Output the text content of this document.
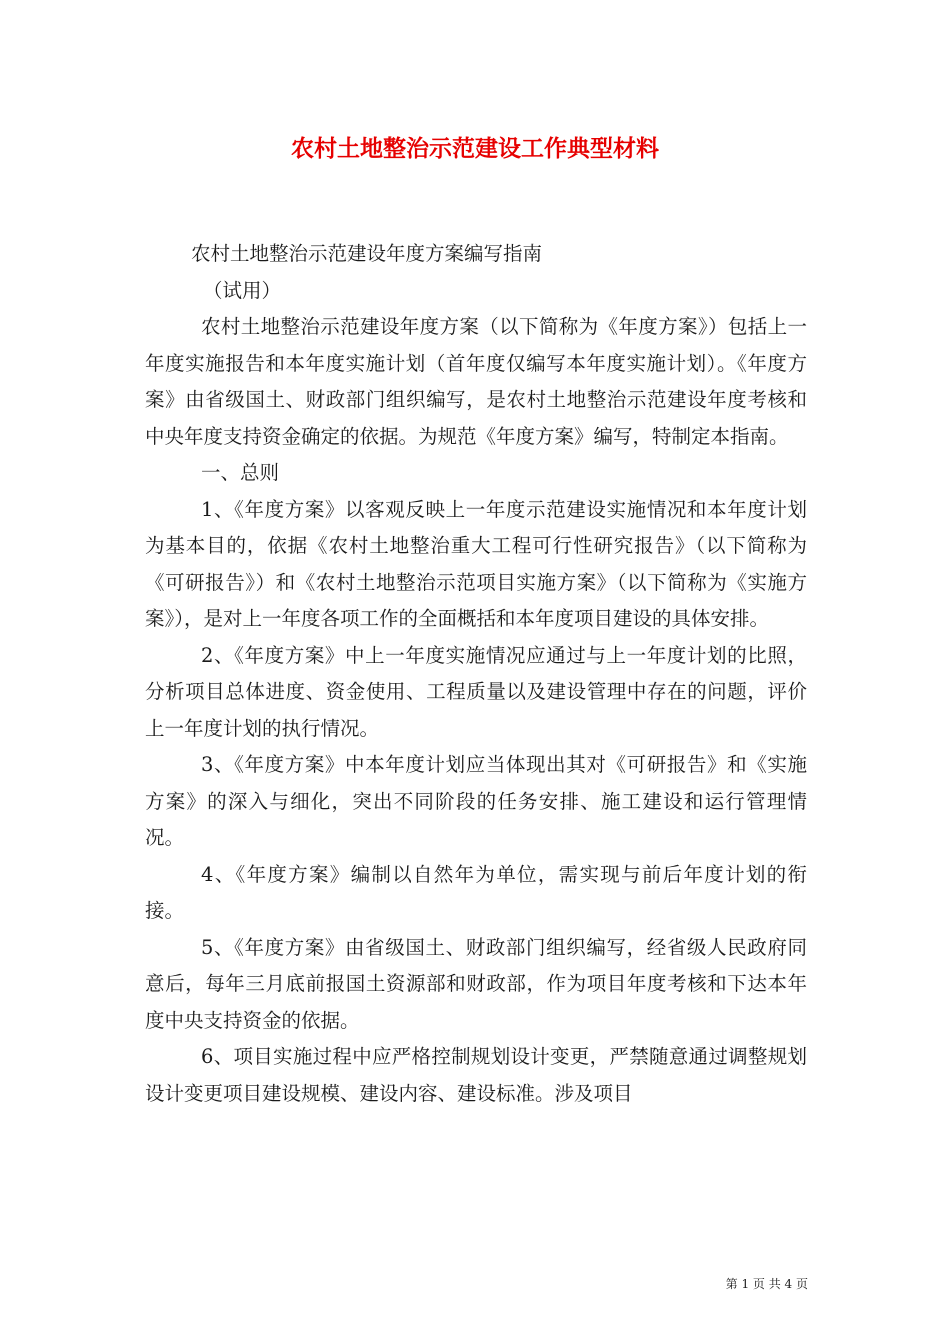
农村土地整治示范建设工作典型材料

农村土地整治示范建设年度方案编写指南

（试用）

农村土地整治示范建设年度方案（以下简称为《年度方案》）包括上一年度实施报告和本年度实施计划（首年度仅编写本年度实施计划）。《年度方案》由省级国土、财政部门组织编写，是农村土地整治示范建设年度考核和中央年度支持资金确定的依据。为规范《年度方案》编写，特制定本指南。

一、总则

1、《年度方案》以客观反映上一年度示范建设实施情况和本年度计划为基本目的，依据《农村土地整治重大工程可行性研究报告》（以下简称为《可研报告》）和《农村土地整治示范项目实施方案》（以下简称为《实施方案》），是对上一年度各项工作的全面概括和本年度项目建设的具体安排。

2、《年度方案》中上一年度实施情况应通过与上一年度计划的比照，分析项目总体进度、资金使用、工程质量以及建设管理中存在的问题，评价上一年度计划的执行情况。

3、《年度方案》中本年度计划应当体现出其对《可研报告》和《实施方案》的深入与细化，突出不同阶段的任务安排、施工建设和运行管理情况。

4、《年度方案》编制以自然年为单位，需实现与前后年度计划的衔接。

5、《年度方案》由省级国土、财政部门组织编写，经省级人民政府同意后，每年三月底前报国土资源部和财政部，作为项目年度考核和下达本年度中央支持资金的依据。

6、项目实施过程中应严格控制规划设计变更，严禁随意通过调整规划设计变更项目建设规模、建设内容、建设标准。涉及项目

第 1 页 共 4 页
